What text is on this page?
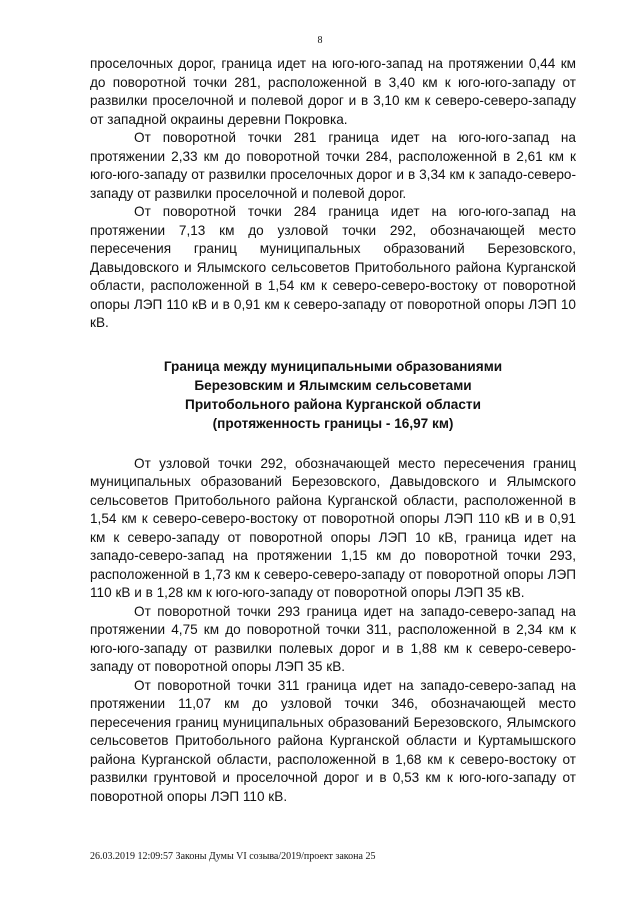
8

проселочных дорог, граница идет на юго-юго-запад на протяжении 0,44 км до поворотной точки 281, расположенной в 3,40 км к юго-юго-западу от развилки проселочной и полевой дорог и в 3,10 км к северо-северо-западу от западной окраины деревни Покровка.

От поворотной точки 281 граница идет на юго-юго-запад на протяжении 2,33 км до поворотной точки 284, расположенной в 2,61 км к юго-юго-западу от развилки проселочных дорог и в 3,34 км к западо-северо-западу от развилки проселочной и полевой дорог.

От поворотной точки 284 граница идет на юго-юго-запад на протяжении 7,13 км до узловой точки 292, обозначающей место пересечения границ муниципальных образований Березовского, Давыдовского и Ялымского сельсоветов Притобольного района Курганской области, расположенной в 1,54 км к северо-северо-востоку от поворотной опоры ЛЭП 110 кВ и в 0,91 км к северо-западу от поворотной опоры ЛЭП 10 кВ.

Граница между муниципальными образованиями
Березовским и Ялымским сельсоветами
Притобольного района Курганской области
(протяженность границы - 16,97 км)

От узловой точки 292, обозначающей место пересечения границ муниципальных образований Березовского, Давыдовского и Ялымского сельсоветов Притобольного района Курганской области, расположенной в 1,54 км к северо-северо-востоку от поворотной опоры ЛЭП 110 кВ и в 0,91 км к северо-западу от поворотной опоры ЛЭП 10 кВ, граница идет на западо-северо-запад на протяжении 1,15 км до поворотной точки 293, расположенной в 1,73 км к северо-северо-западу от поворотной опоры ЛЭП 110 кВ и в 1,28 км к юго-юго-западу от поворотной опоры ЛЭП 35 кВ.

От поворотной точки 293 граница идет на западо-северо-запад на протяжении 4,75 км до поворотной точки 311, расположенной в 2,34 км к юго-юго-западу от развилки полевых дорог и в 1,88 км к северо-северо-западу от поворотной опоры ЛЭП 35 кВ.

От поворотной точки 311 граница идет на западо-северо-запад на протяжении 11,07 км до узловой точки 346, обозначающей место пересечения границ муниципальных образований Березовского, Ялымского сельсоветов Притобольного района Курганской области и Куртамышского района Курганской области, расположенной в 1,68 км к северо-востоку от развилки грунтовой и проселочной дорог и в 0,53 км к юго-юго-западу от поворотной опоры ЛЭП 110 кВ.

26.03.2019 12:09:57 Законы Думы VI созыва/2019/проект закона 25
